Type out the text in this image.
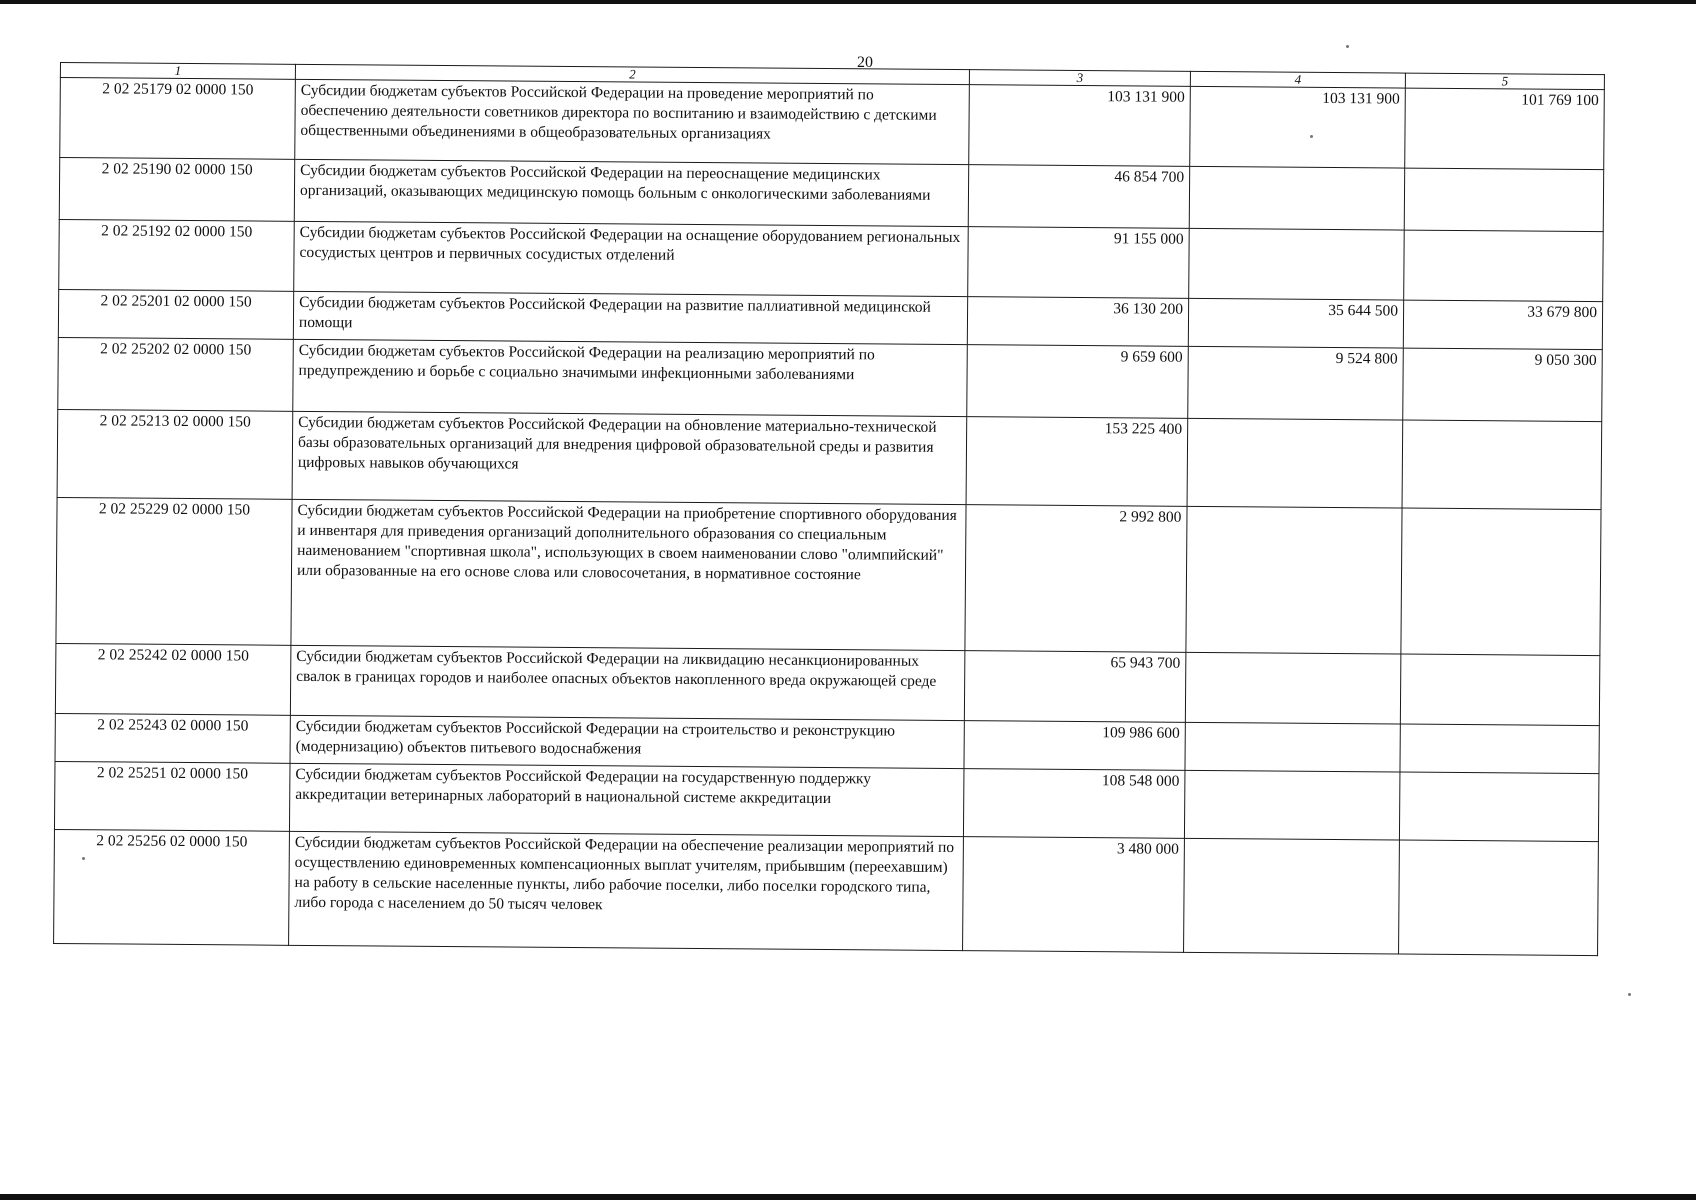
20
1	2	3	4	5
2 02 25179 02 0000 150	Субсидии бюджетам субъектов Российской Федерации на проведение мероприятий по обеспечению деятельности советников директора по воспитанию и взаимодействию с детскими общественными объединениями в общеобразовательных организациях	103 131 900	103 131 900	101 769 100
2 02 25190 02 0000 150	Субсидии бюджетам субъектов Российской Федерации на переоснащение медицинских организаций, оказывающих медицинскую помощь больным с онкологическими заболеваниями	46 854 700		
2 02 25192 02 0000 150	Субсидии бюджетам субъектов Российской Федерации на оснащение оборудованием региональных сосудистых центров и первичных сосудистых отделений	91 155 000		
2 02 25201 02 0000 150	Субсидии бюджетам субъектов Российской Федерации на развитие паллиативной медицинской помощи	36 130 200	35 644 500	33 679 800
2 02 25202 02 0000 150	Субсидии бюджетам субъектов Российской Федерации на реализацию мероприятий по предупреждению и борьбе с социально значимыми инфекционными заболеваниями	9 659 600	9 524 800	9 050 300
2 02 25213 02 0000 150	Субсидии бюджетам субъектов Российской Федерации на обновление материально-технической базы образовательных организаций для внедрения цифровой образовательной среды и развития цифровых навыков обучающихся	153 225 400		
2 02 25229 02 0000 150	Субсидии бюджетам субъектов Российской Федерации на приобретение спортивного оборудования и инвентаря для приведения организаций дополнительного образования со специальным наименованием "спортивная школа", использующих в своем наименовании слово "олимпийский" или образованные на его основе слова или словосочетания, в нормативное состояние	2 992 800		
2 02 25242 02 0000 150	Субсидии бюджетам субъектов Российской Федерации на ликвидацию несанкционированных свалок в границах городов и наиболее опасных объектов накопленного вреда окружающей среде	65 943 700		
2 02 25243 02 0000 150	Субсидии бюджетам субъектов Российской Федерации на строительство и реконструкцию (модернизацию) объектов питьевого водоснабжения	109 986 600		
2 02 25251 02 0000 150	Субсидии бюджетам субъектов Российской Федерации на государственную поддержку аккредитации ветеринарных лабораторий в национальной системе аккредитации	108 548 000		
2 02 25256 02 0000 150	Субсидии бюджетам субъектов Российской Федерации на обеспечение реализации мероприятий по осуществлению единовременных компенсационных выплат учителям, прибывшим (переехавшим) на работу в сельские населенные пункты, либо рабочие поселки, либо поселки городского типа, либо города с населением до 50 тысяч человек	3 480 000		
